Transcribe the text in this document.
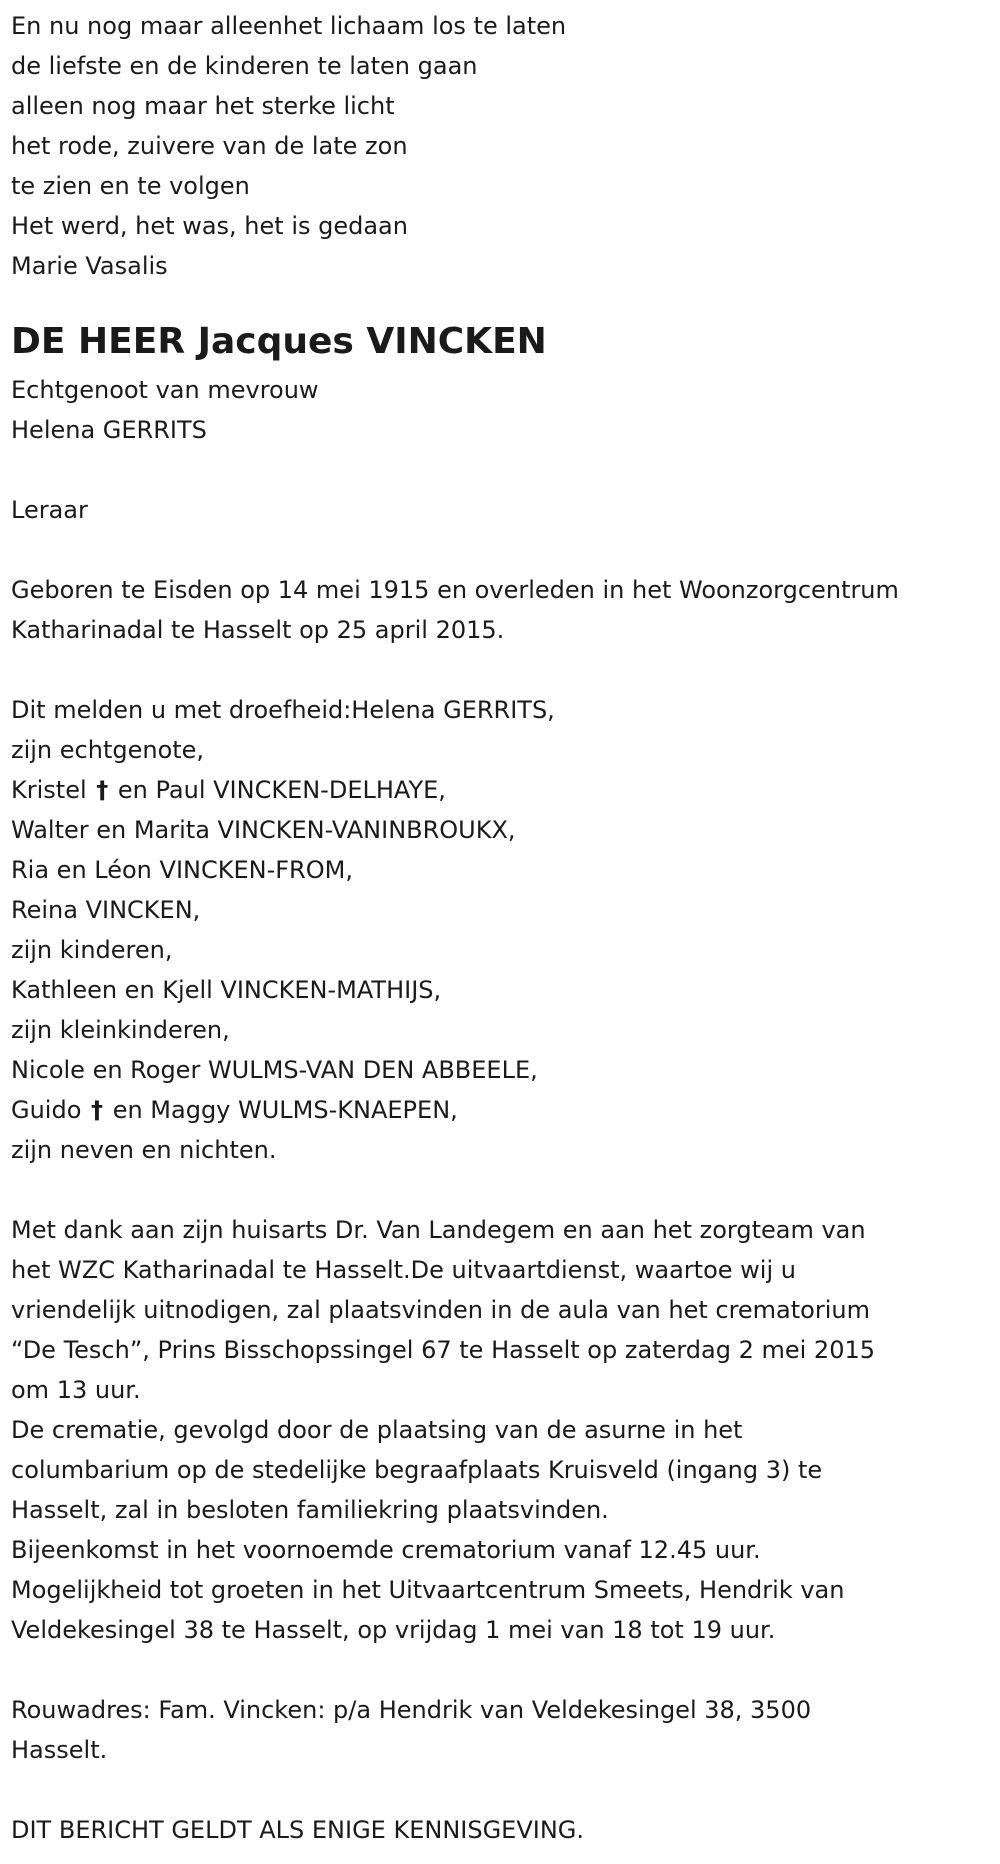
En nu nog maar alleenhet lichaam los te laten
de liefste en de kinderen te laten gaan
alleen nog maar het sterke licht
het rode, zuivere van de late zon
te zien en te volgen
Het werd, het was, het is gedaan
Marie Vasalis
DE HEER Jacques VINCKEN
Echtgenoot van mevrouw
Helena GERRITS
Leraar
Geboren te Eisden op 14 mei 1915 en overleden in het Woonzorgcentrum
Katharinadal te Hasselt op 25 april 2015.
Dit melden u met droefheid:Helena GERRITS,
zijn echtgenote,
Kristel † en Paul VINCKEN-DELHAYE,
Walter en Marita VINCKEN-VANINBROUKX,
Ria en Léon VINCKEN-FROM,
Reina VINCKEN,
zijn kinderen,
Kathleen en Kjell VINCKEN-MATHIJS,
zijn kleinkinderen,
Nicole en Roger WULMS-VAN DEN ABBEELE,
Guido † en Maggy WULMS-KNAEPEN,
zijn neven en nichten.
Met dank aan zijn huisarts Dr. Van Landegem en aan het zorgteam van
het WZC Katharinadal te Hasselt.De uitvaartdienst, waartoe wij u
vriendelijk uitnodigen, zal plaatsvinden in de aula van het crematorium
“De Tesch”, Prins Bisschopssingel 67 te Hasselt op zaterdag 2 mei 2015
om 13 uur.
De crematie, gevolgd door de plaatsing van de asurne in het
columbarium op de stedelijke begraafplaats Kruisveld (ingang 3) te
Hasselt, zal in besloten familiekring plaatsvinden.
Bijeenkomst in het voornoemde crematorium vanaf 12.45 uur.
Mogelijkheid tot groeten in het Uitvaartcentrum Smeets, Hendrik van
Veldekesingel 38 te Hasselt, op vrijdag 1 mei van 18 tot 19 uur.
Rouwadres: Fam. Vincken: p/a Hendrik van Veldekesingel 38, 3500
Hasselt.
DIT BERICHT GELDT ALS ENIGE KENNISGEVING.
